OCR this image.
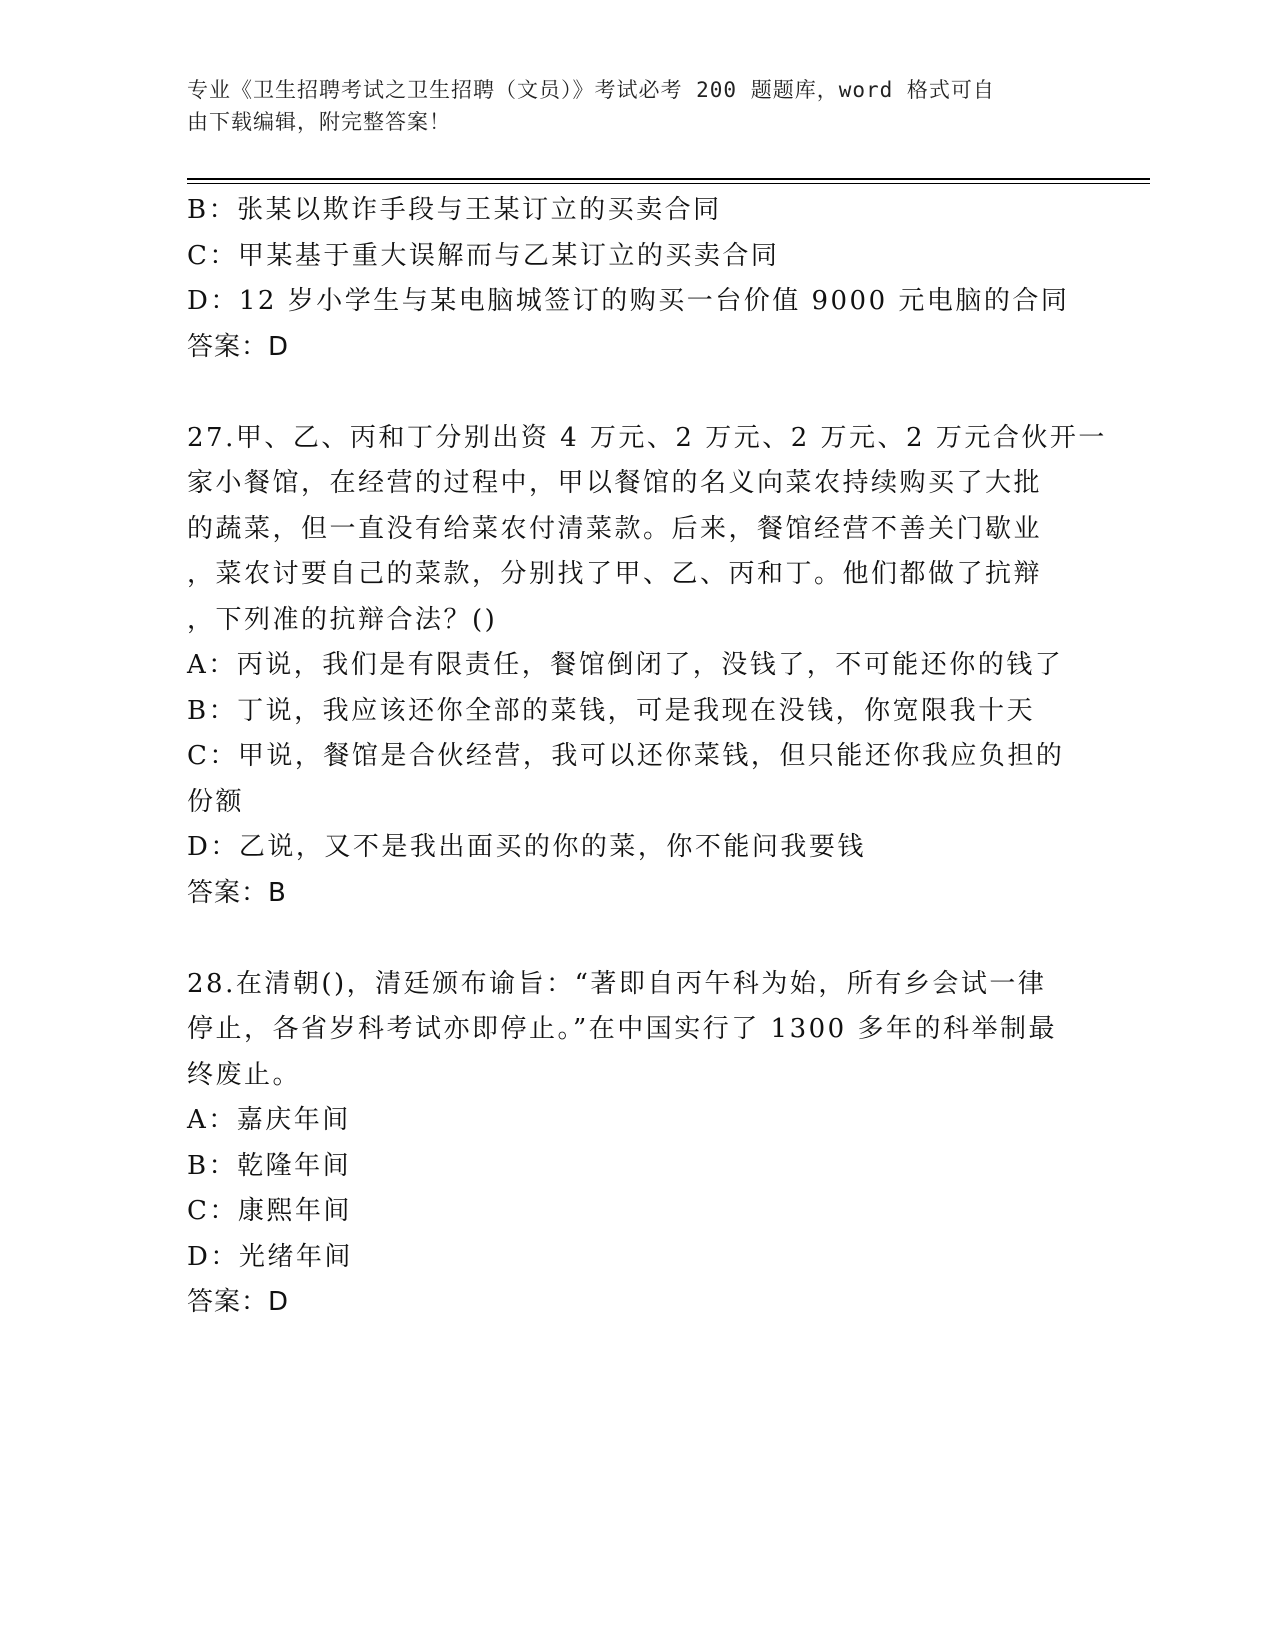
专业《卫生招聘考试之卫生招聘（文员）》考试必考 200 题题库，word 格式可自
由下载编辑，附完整答案！
B：张某以欺诈手段与王某订立的买卖合同
C：甲某基于重大误解而与乙某订立的买卖合同
D：12 岁小学生与某电脑城签订的购买一台价值 9000 元电脑的合同
答案：D
27.甲、乙、丙和丁分别出资 4 万元、2 万元、2 万元、2 万元合伙开一
家小餐馆，在经营的过程中，甲以餐馆的名义向菜农持续购买了大批
的蔬菜，但一直没有给菜农付清菜款。后来，餐馆经营不善关门歇业
，菜农讨要自己的菜款，分别找了甲、乙、丙和丁。他们都做了抗辩
，下列准的抗辩合法？()
A：丙说，我们是有限责任，餐馆倒闭了，没钱了，不可能还你的钱了
B：丁说，我应该还你全部的菜钱，可是我现在没钱，你宽限我十天
C：甲说，餐馆是合伙经营，我可以还你菜钱，但只能还你我应负担的
份额
D：乙说，又不是我出面买的你的菜，你不能问我要钱
答案：B
28.在清朝()，清廷颁布谕旨：“著即自丙午科为始，所有乡会试一律
停止，各省岁科考试亦即停止。”在中国实行了 1300 多年的科举制最
终废止。
A：嘉庆年间
B：乾隆年间
C：康熙年间
D：光绪年间
答案：D
